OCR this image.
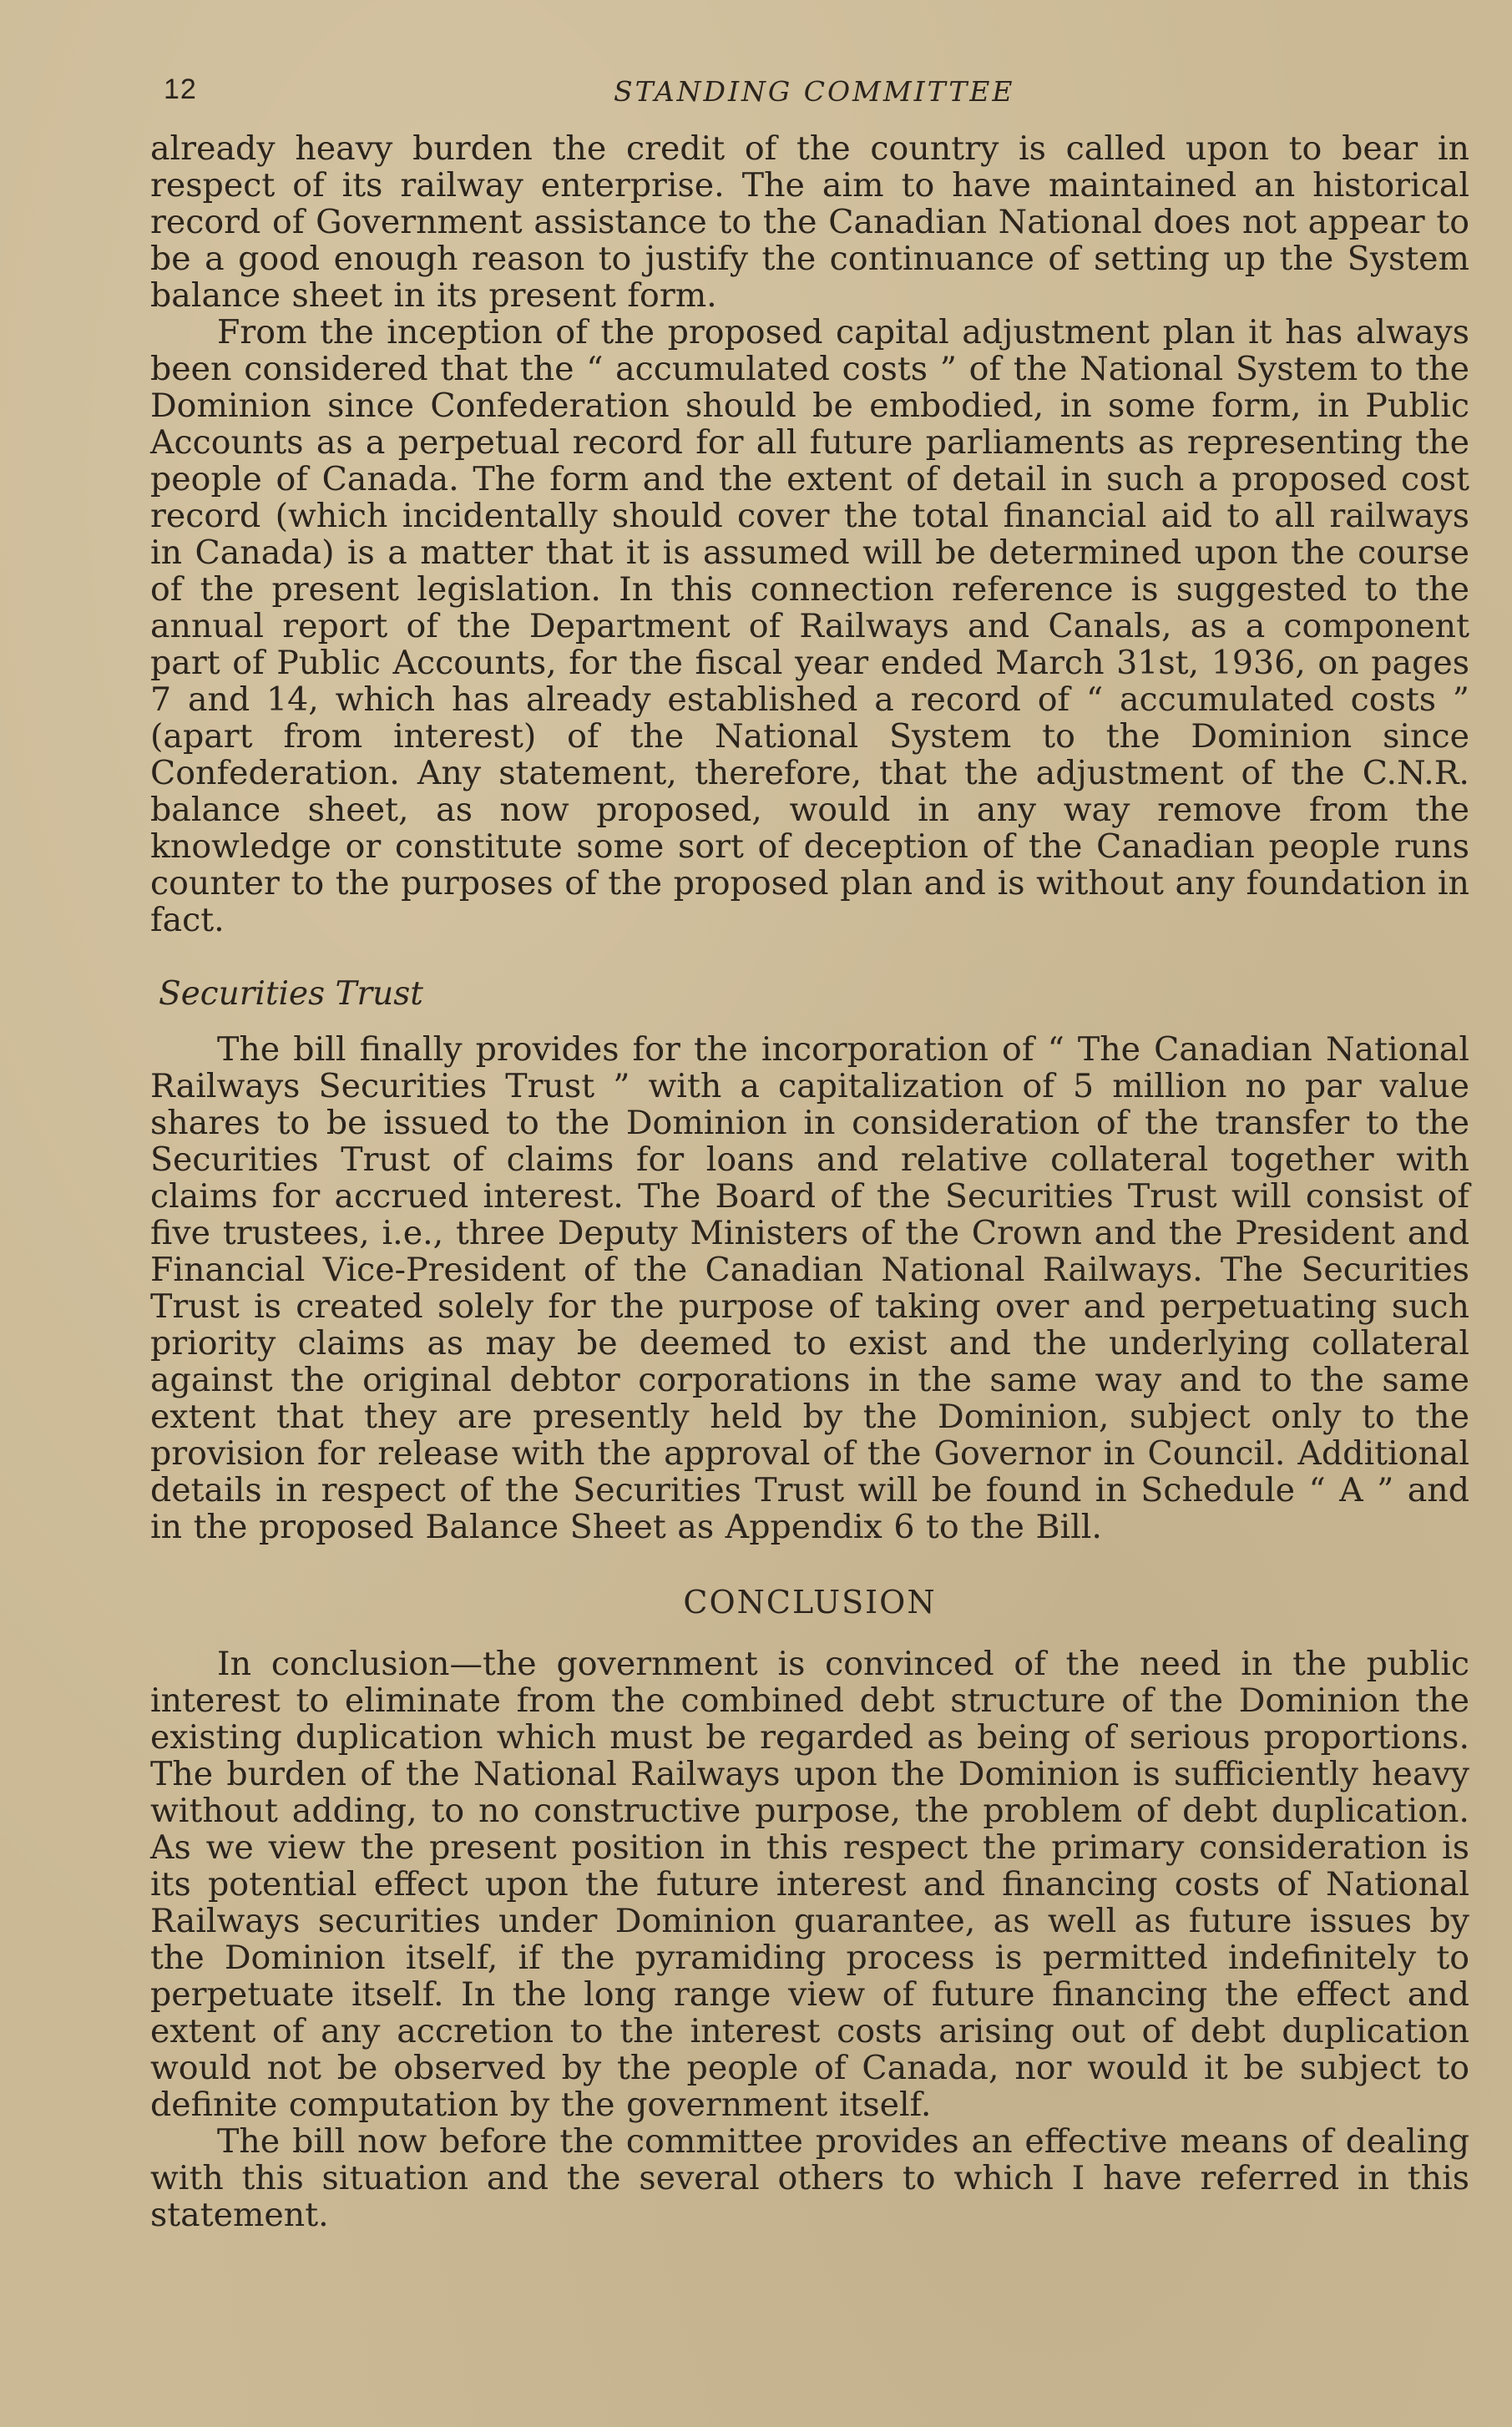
12	STANDING COMMITTEE

already heavy burden the credit of the country is called upon to bear in respect of its railway enterprise. The aim to have maintained an historical record of Government assistance to the Canadian National does not appear to be a good enough reason to justify the continuance of setting up the System balance sheet in its present form.

From the inception of the proposed capital adjustment plan it has always been considered that the “ accumulated costs ” of the National System to the Dominion since Confederation should be embodied, in some form, in Public Accounts as a perpetual record for all future parliaments as representing the people of Canada. The form and the extent of detail in such a proposed cost record (which incidentally should cover the total financial aid to all railways in Canada) is a matter that it is assumed will be determined upon the course of the present legislation. In this connection reference is suggested to the annual report of the Department of Railways and Canals, as a component part of Public Accounts, for the fiscal year ended March 31st, 1936, on pages 7 and 14, which has already established a record of “ accumulated costs ” (apart from interest) of the National System to the Dominion since Confederation. Any statement, therefore, that the adjustment of the C.N.R. balance sheet, as now proposed, would in any way remove from the knowledge or constitute some sort of deception of the Canadian people runs counter to the purposes of the proposed plan and is without any foundation in fact.

Securities Trust

The bill finally provides for the incorporation of “ The Canadian National Railways Securities Trust ” with a capitalization of 5 million no par value shares to be issued to the Dominion in consideration of the transfer to the Securities Trust of claims for loans and relative collateral together with claims for accrued interest. The Board of the Securities Trust will consist of five trustees, i.e., three Deputy Ministers of the Crown and the President and Financial Vice-President of the Canadian National Railways. The Securities Trust is created solely for the purpose of taking over and perpetuating such priority claims as may be deemed to exist and the underlying collateral against the original debtor corporations in the same way and to the same extent that they are presently held by the Dominion, subject only to the provision for release with the approval of the Governor in Council. Additional details in respect of the Securities Trust will be found in Schedule “ A ” and in the proposed Balance Sheet as Appendix 6 to the Bill.

CONCLUSION

In conclusion—the government is convinced of the need in the public interest to eliminate from the combined debt structure of the Dominion the existing duplication which must be regarded as being of serious proportions. The burden of the National Railways upon the Dominion is sufficiently heavy without adding, to no constructive purpose, the problem of debt duplication. As we view the present position in this respect the primary consideration is its potential effect upon the future interest and financing costs of National Railways securities under Dominion guarantee, as well as future issues by the Dominion itself, if the pyramiding process is permitted indefinitely to perpetuate itself. In the long range view of future financing the effect and extent of any accretion to the interest costs arising out of debt duplication would not be observed by the people of Canada, nor would it be subject to definite computation by the government itself.

The bill now before the committee provides an effective means of dealing with this situation and the several others to which I have referred in this statement.
